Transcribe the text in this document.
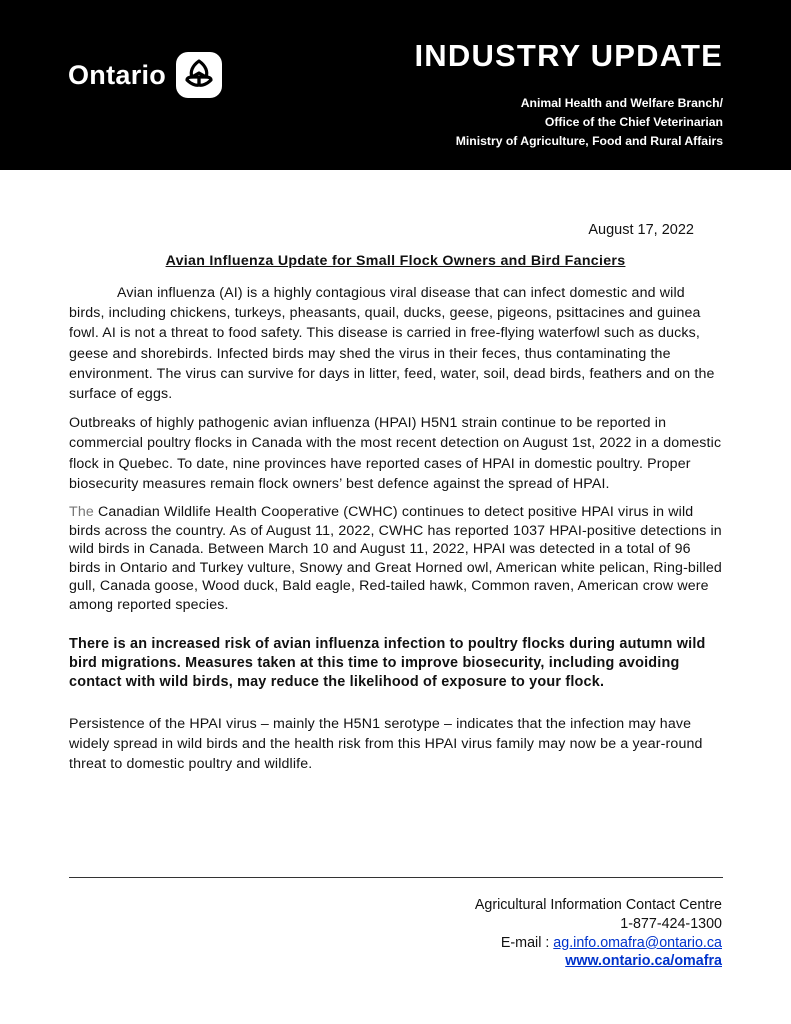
Ontario
INDUSTRY UPDATE
Animal Health and Welfare Branch/
Office of the Chief Veterinarian
Ministry of Agriculture, Food and Rural Affairs
August 17, 2022
Avian Influenza Update for Small Flock Owners and Bird Fanciers

Avian influenza (AI) is a highly contagious viral disease that can infect domestic and wild birds, including chickens, turkeys, pheasants, quail, ducks, geese, pigeons, psittacines and guinea fowl. AI is not a threat to food safety. This disease is carried in free-flying waterfowl such as ducks, geese and shorebirds. Infected birds may shed the virus in their feces, thus contaminating the environment. The virus can survive for days in litter, feed, water, soil, dead birds, feathers and on the surface of eggs.

Outbreaks of highly pathogenic avian influenza (HPAI) H5N1 strain continue to be reported in commercial poultry flocks in Canada with the most recent detection on August 1st, 2022 in a domestic flock in Quebec. To date, nine provinces have reported cases of HPAI in domestic poultry. Proper biosecurity measures remain flock owners’ best defence against the spread of HPAI.

The Canadian Wildlife Health Cooperative (CWHC) continues to detect positive HPAI virus in wild birds across the country. As of August 11, 2022, CWHC has reported 1037 HPAI-positive detections in wild birds in Canada. Between March 10 and August 11, 2022, HPAI was detected in a total of 96 birds in Ontario and Turkey vulture, Snowy and Great Horned owl, American white pelican, Ring-billed gull, Canada goose, Wood duck, Bald eagle, Red-tailed hawk, Common raven, American crow were among reported species.

There is an increased risk of avian influenza infection to poultry flocks during autumn wild bird migrations. Measures taken at this time to improve biosecurity, including avoiding contact with wild birds, may reduce the likelihood of exposure to your flock.

Persistence of the HPAI virus – mainly the H5N1 serotype – indicates that the infection may have widely spread in wild birds and the health risk from this HPAI virus family may now be a year-round threat to domestic poultry and wildlife.

Agricultural Information Contact Centre
1-877-424-1300
E-mail : ag.info.omafra@ontario.ca
www.ontario.ca/omafra
